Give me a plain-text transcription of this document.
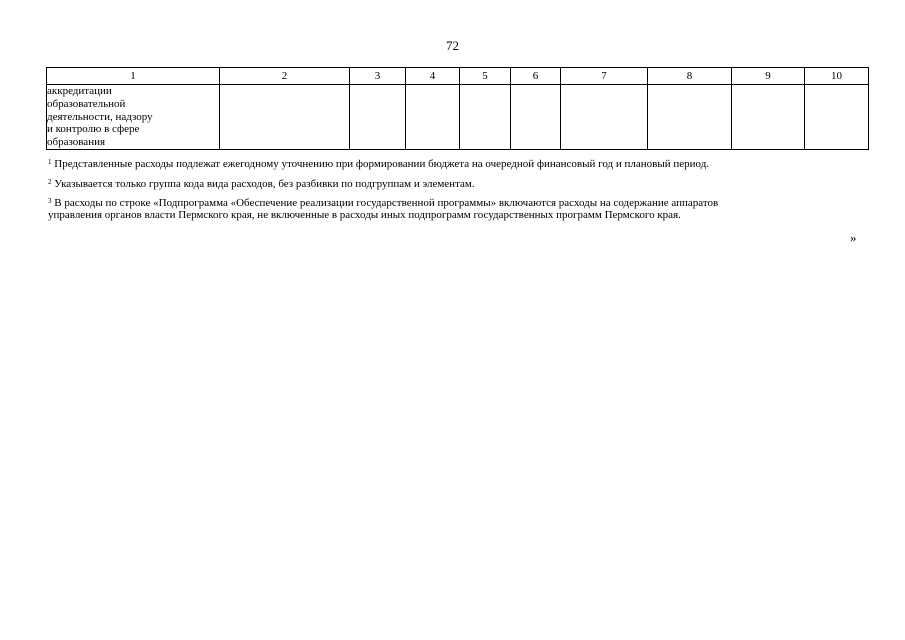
72
1	2	3	4	5	6	7	8	9	10

аккредитации
образовательной
деятельности, надзору
и контролю в сфере
образования									

$^1$ Представленные расходы подлежат ежегодному уточнению при формировании бюджета на очередной финансовый год и плановый период.
$^2$ Указывается только группа кода вида расходов, без разбивки по подгруппам и элементам.
$^3$ В расходы по строке «Подпрограмма «Обеспечение реализации государственной программы» включаются расходы на содержание аппаратов
управления органов власти Пермского края, не включенные в расходы иных подпрограмм государственных программ Пермского края.
»
